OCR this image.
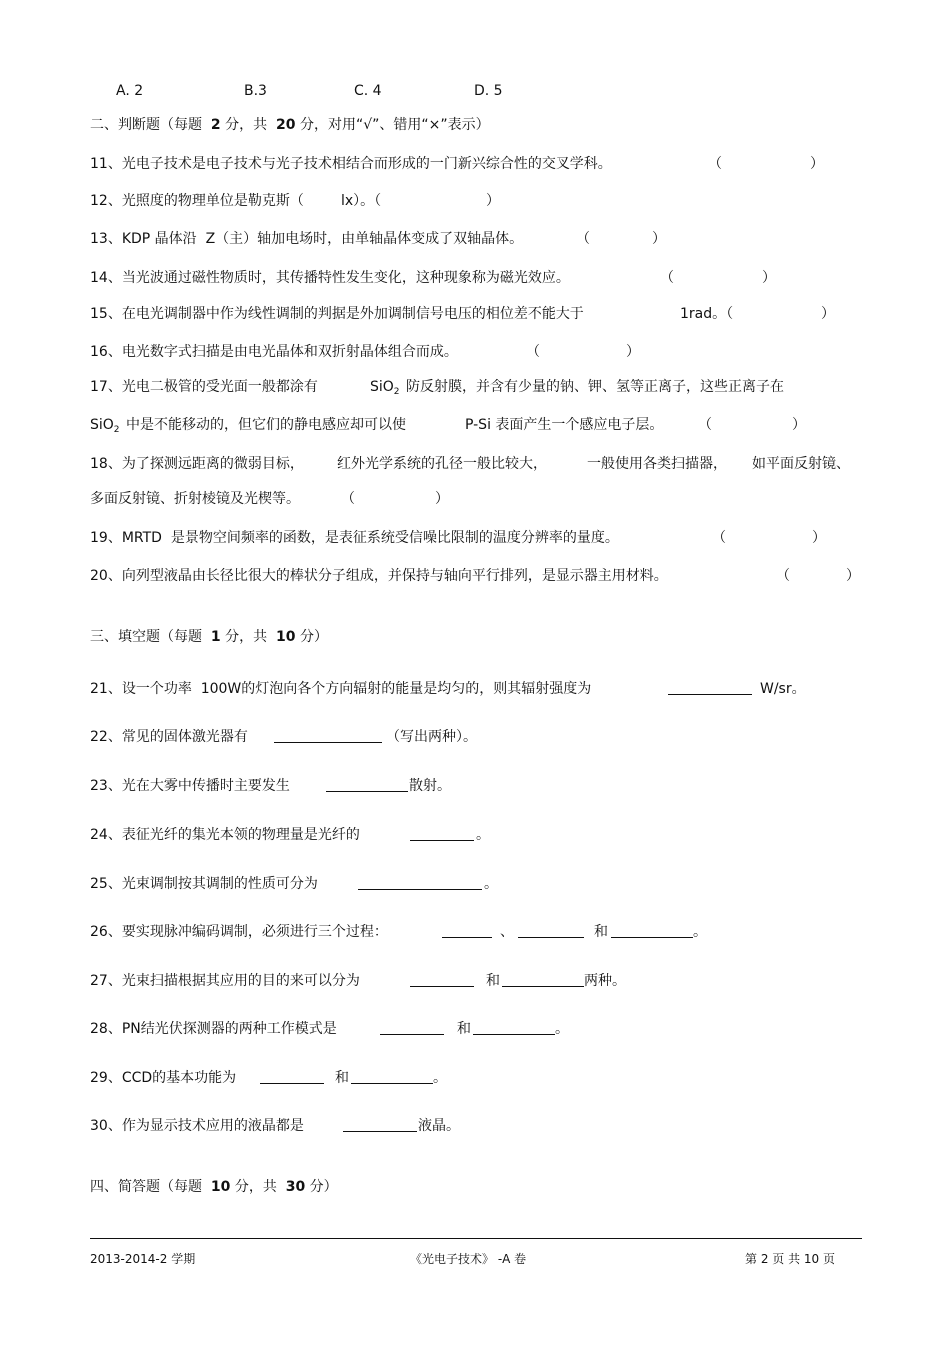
A. 2	B.3	C. 4	D. 5
二、判断题（每题  2 分，共  20 分，对用“√”、错用“×”表示）
11、光电子技术是电子技术与光子技术相结合而形成的一门新兴综合性的交叉学科。	（	）
12、光照度的物理单位是勒克斯（	lx）。（	）
13、KDP 晶体沿  Z（主）轴加电场时，由单轴晶体变成了双轴晶体。	（	）
14、当光波通过磁性物质时，其传播特性发生变化，这种现象称为磁光效应。	（	）
15、在电光调制器中作为线性调制的判据是外加调制信号电压的相位差不能大于	1rad。（	）
16、电光数字式扫描是由电光晶体和双折射晶体组合而成。	（	）
17、光电二极管的受光面一般都涂有	SiO$_2$ 防反射膜，并含有少量的钠、钾、氢等正离子，这些正离子在
SiO$_2$ 中是不能移动的，但它们的静电感应却可以使	P-Si 表面产生一个感应电子层。 （	）
18、为了探测远距离的微弱目标， 红外光学系统的孔径一般比较大，	一般使用各类扫描器， 如平面反射镜、
多面反射镜、折射棱镜及光楔等。	（	）
19、MRTD  是景物空间频率的函数，是表征系统受信噪比限制的温度分辨率的量度。	（	）
20、向列型液晶由长径比很大的棒状分子组成，并保持与轴向平行排列，是显示器主用材料。	（	）
三、填空题（每题  1 分，共  10 分）
21、设一个功率  100W的灯泡向各个方向辐射的能量是均匀的，则其辐射强度为	W/sr。
22、常见的固体激光器有	（写出两种）。
23、光在大雾中传播时主要发生	散射。
24、表征光纤的集光本领的物理量是光纤的	。
25、光束调制按其调制的性质可分为	。
26、要实现脉冲编码调制，必须进行三个过程：	、	和	。
27、光束扫描根据其应用的目的来可以分为	和	两种。
28、PN结光伏探测器的两种工作模式是	和	。
29、CCD的基本功能为	和	。
30、作为显示技术应用的液晶都是	液晶。
四、简答题（每题  10 分，共  30 分）
2013-2014-2 学期	《光电子技术》 -A 卷	第 2 页 共 10 页
